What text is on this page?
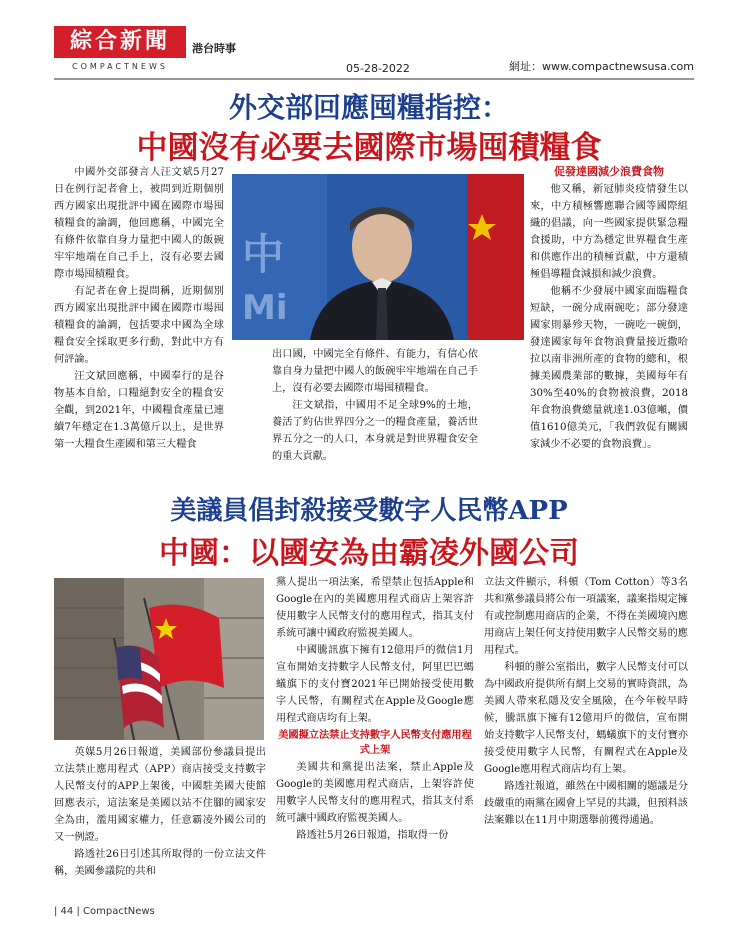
綜合新聞
COMPACTNEWS
港台時事
05-28-2022	網址：www.compactnewsusa.com
外交部回應囤糧指控：
中國沒有必要去國際市場囤積糧食

中國外交部發言人汪文斌5月27日在例行記者會上，被問到近期個別西方國家出現批評中國在國際市場囤積糧食的論調，他回應稱，中國完全有條件依靠自身力量把中國人的飯碗牢牢地端在自己手上，沒有必要去國際市場囤積糧食。

有記者在會上提問稱，近期個別西方國家出現批評中國在國際市場囤積糧食的論調，包括要求中國為全球糧食安全採取更多行動，對此中方有何評論。

汪文斌回應稱，中國奉行的是谷物基本自給，口糧絕對安全的糧食安全觀，到2021年，中國糧食產量已連續7年穩定在1.3萬億斤以上，是世界第一大糧食生產國和第三大糧食

中
Mi

出口國，中國完全有條件、有能力，有信心依靠自身力量把中國人的飯碗牢牢地端在自己手上，沒有必要去國際市場囤積糧食。

汪文斌指，中國用不足全球9%的土地，養活了約佔世界四分之一的糧食產量，養活世界五分之一的人口，本身就是對世界糧食安全的重大貢獻。

促發達國減少浪費食物

他又稱，新冠肺炎疫情發生以來，中方積極響應聯合國等國際組織的倡議，向一些國家提供緊急糧食援助，中方為穩定世界糧食生產和供應作出的積極貢獻，中方還積極倡導糧食減損和減少浪費。

他稱不少發展中國家面臨糧食短缺，一碗分成兩碗吃；部分發達國家則暴殄天物，一碗吃一碗倒，發達國家每年食物浪費量接近撒哈拉以南非洲所產的食物的總和，根據美國農業部的數據，美國每年有30%至40%的食物被浪費，2018年食物浪費總量就達1.03億噸，價值1610億美元，「我們敦促有關國家減少不必要的食物浪費」。

美議員倡封殺接受數字人民幣APP
中國：以國安為由霸凌外國公司

英媒5月26日報道，美國部份參議員提出立法禁止應用程式（APP）商店接受支持數字人民幣支付的APP上架後，中國駐美國大使館回應表示，這法案是美國以站不住腳的國家安全為由，濫用國家權力，任意霸凌外國公司的又一例證。

路透社26日引述其所取得的一份立法文件稱，美國參議院的共和

黨人提出一項法案，希望禁止包括Apple和Google在內的美國應用程式商店上架容許使用數字人民幣支付的應用程式，指其支付系統可讓中國政府監視美國人。

中國騰訊旗下擁有12億用戶的微信1月宣布開始支持數字人民幣支付，阿里巴巴螞蟻旗下的支付寶2021年已開始接受使用數字人民幣，有關程式在Apple及Google應用程式商店均有上架。

美國擬立法禁止支持數字人民幣支付應用程式上架

美國共和黨提出法案，禁止Apple及Google的美國應用程式商店，上架容許使用數字人民幣支付的應用程式，指其支付系統可讓中國政府監視美國人。

路透社5月26日報道，指取得一份

立法文件顯示，科頓（Tom Cotton）等3名共和黨參議員將公布一項議案，議案指規定擁有或控制應用商店的企業，不得在美國境內應用商店上架任何支持使用數字人民幣交易的應用程式。

科頓的辦公室指出，數字人民幣支付可以為中國政府提供所有網上交易的實時資訊，為美國人帶來私隱及安全風險，在今年較早時候，騰訊旗下擁有12億用戶的微信，宣布開始支持數字人民幣支付，螞蟻旗下的支付寶亦接受使用數字人民幣，有關程式在Apple及Google應用程式商店均有上架。

路透社報道，雖然在中國相關的題議是分歧嚴重的兩黨在國會上罕見的共識，但預料該法案難以在11月中期選舉前獲得通過。

| 44 | CompactNews
